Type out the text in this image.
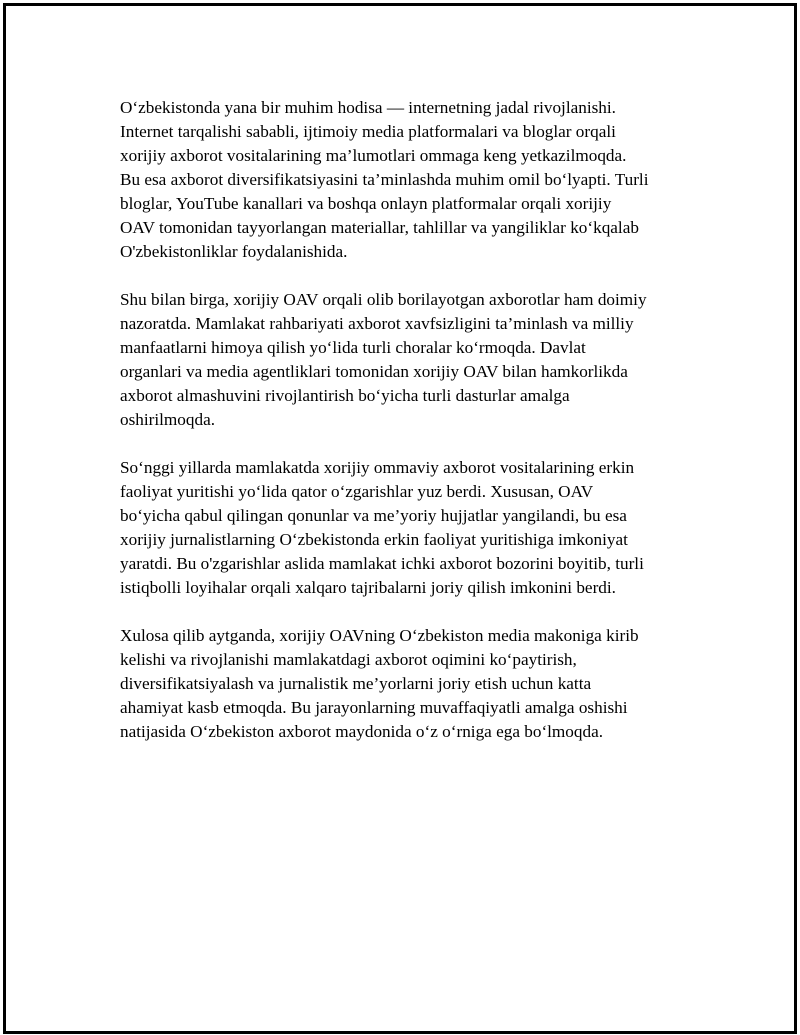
O‘zbekistonda yana bir muhim hodisa — internetning jadal rivojlanishi.
Internet tarqalishi sababli, ijtimoiy media platformalari va bloglar orqali
xorijiy axborot vositalarining ma’lumotlari ommaga keng yetkazilmoqda.
Bu esa axborot diversifikatsiyasini ta’minlashda muhim omil bo‘lyapti. Turli
bloglar, YouTube kanallari va boshqa onlayn platformalar orqali xorijiy
OAV tomonidan tayyorlangan materiallar, tahlillar va yangiliklar ko‘kqalab
O'zbekistonliklar foydalanishida.

Shu bilan birga, xorijiy OAV orqali olib borilayotgan axborotlar ham doimiy
nazoratda. Mamlakat rahbariyati axborot xavfsizligini ta’minlash va milliy
manfaatlarni himoya qilish yo‘lida turli choralar ko‘rmoqda. Davlat
organlari va media agentliklari tomonidan xorijiy OAV bilan hamkorlikda
axborot almashuvini rivojlantirish bo‘yicha turli dasturlar amalga
oshirilmoqda.

So‘nggi yillarda mamlakatda xorijiy ommaviy axborot vositalarining erkin
faoliyat yuritishi yo‘lida qator o‘zgarishlar yuz berdi. Xususan, OAV
bo‘yicha qabul qilingan qonunlar va me’yoriy hujjatlar yangilandi, bu esa
xorijiy jurnalistlarning O‘zbekistonda erkin faoliyat yuritishiga imkoniyat
yaratdi. Bu o'zgarishlar aslida mamlakat ichki axborot bozorini boyitib, turli
istiqbolli loyihalar orqali xalqaro tajribalarni joriy qilish imkonini berdi.

Xulosa qilib aytganda, xorijiy OAVning O‘zbekiston media makoniga kirib
kelishi va rivojlanishi mamlakatdagi axborot oqimini ko‘paytirish,
diversifikatsiyalash va jurnalistik me’yorlarni joriy etish uchun katta
ahamiyat kasb etmoqda. Bu jarayonlarning muvaffaqiyatli amalga oshishi
natijasida O‘zbekiston axborot maydonida o‘z o‘rniga ega bo‘lmoqda.
